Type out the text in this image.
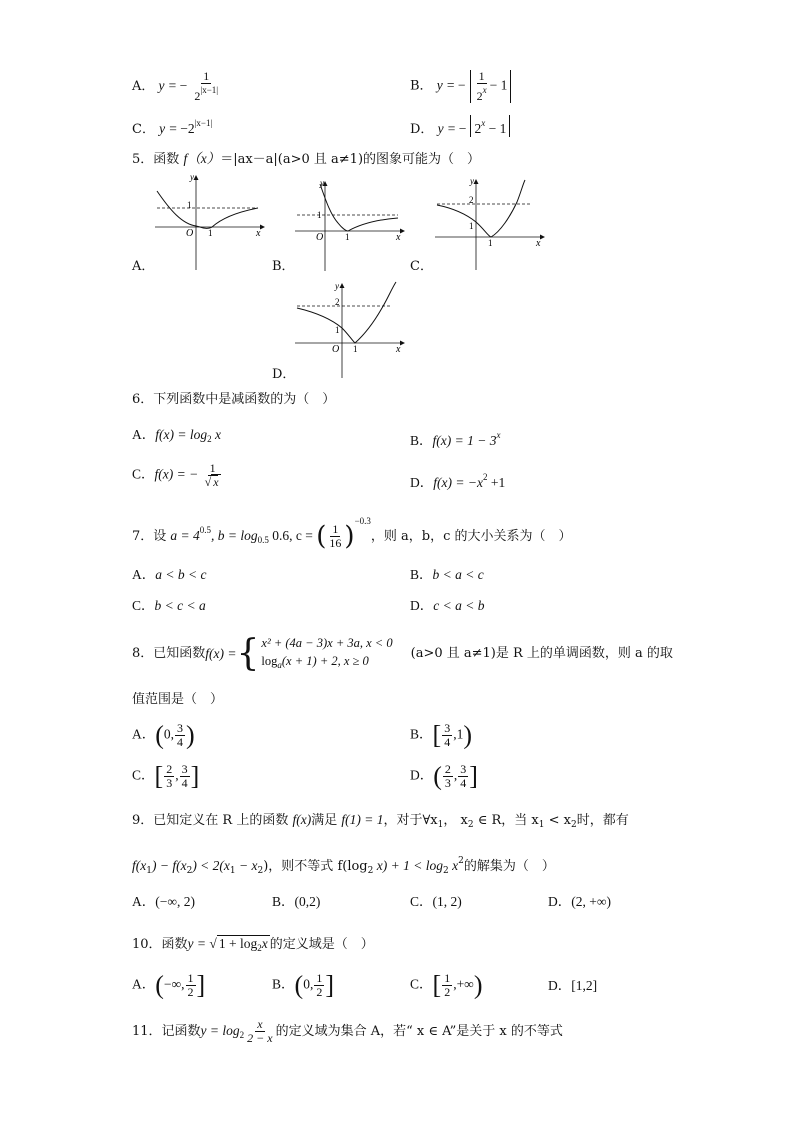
A． y = − $\frac{1}{2^{|x-1|}}$	B． y = − $\frac{1}{2^x} - 1$
C． $y = -2^{|x-1|}$	D． y = − $2^x - 1$
5．函数 f（x）＝|ax－a|(a>0 且 a≠1)的图象可能为（　）
y
x
O 1
1
A．
y
x
O 1
1
B．
y
x
1
1
2
C．
y
x
O 1
1
2
D．
6．下列函数中是减函数的为（　）
A．$f(x) = \log_2 x$	B．$f(x) = 1 - 3^x$
C．f(x) = − $\frac{1}{√ x}$	D．$f(x) = -x^2 +1$
7．设 $a = 4^{0.5}$, $b = \log_{0.5} 0.6$, c = ( $\frac{1}{16} )^{-0.3}$，则 a，b，c 的大小关系为（　）
A．a < b < c	B．b < a < c
C．b < c < a	D．c < a < b
8．已知函数 f(x) = { x² + (4a − 3)x + 3a, x < 0
$\log_a(x + 1) + 2$, x ≥ 0	(a>0 且 a≠1)是 R 上的单调函数，则 a 的取
值范围是（　）
A．(0, $\frac{3}{4}$ )	B．[ $\frac{3}{4} ,1$)
C．[ $\frac{2}{3}$ , $\frac{3}{4}$ ]	D．( $\frac{2}{3}$ , $\frac{3}{4}$ ]
9．已知定义在 R 上的函数 f(x)满足 f(1) = 1，对于$\forall x_1$， $x_2$ ∈ R，当 $x_1 < x_2$时，都有
$f(x_1) - f(x_2) < 2(x_1 - x_2)$，则不等式 $f(\log_2$ $x) + 1 < \log_2 x^2$的解集为（　）
A．(−∞, 2)	B．(0,2)	C．(1, 2)	D．(2, +∞)
10．函数y = √ $1 + \log_2x$ 的定义域是（　）
A．(−∞, $\frac{1}{2}$ ]	B．(0, $\frac{1}{2}$ ]	C．[ $\frac{1}{2}$ ,+∞)	D．[1,2]
11．记函数$y = \log_2 \frac{x}{2 - x}$ 的定义域为集合 A，若“ x ∈ A”是关于 x 的不等式
